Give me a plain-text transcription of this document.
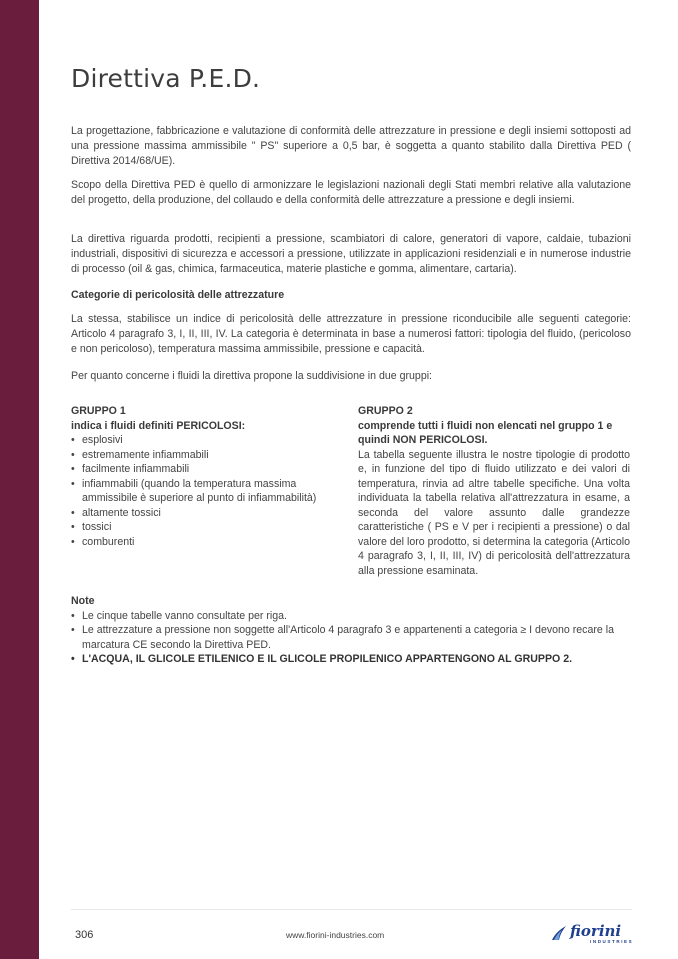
Direttiva P.E.D.

La progettazione, fabbricazione e valutazione di conformità delle attrezzature in pressione e degli insiemi sottoposti ad una pressione massima ammissibile " PS" superiore a 0,5 bar, è soggetta a quanto stabilito dalla Direttiva PED ( Direttiva 2014/68/UE).

Scopo della Direttiva PED è quello di armonizzare le legislazioni nazionali degli Stati membri relative alla valutazione del progetto, della produzione, del collaudo e della conformità delle attrezzature a pressione e degli insiemi.

La direttiva riguarda prodotti, recipienti a pressione, scambiatori di calore, generatori di vapore, caldaie, tubazioni industriali, dispositivi di sicurezza e accessori a pressione, utilizzate in applicazioni residenziali e in numerose industrie di processo (oil & gas, chimica, farmaceutica, materie plastiche e gomma, alimentare, cartaria).

Categorie di pericolosità delle attrezzature

La stessa, stabilisce un indice di pericolosità delle attrezzature in pressione riconducibile alle seguenti categorie: Articolo 4 paragrafo 3, I, II, III, IV. La categoria è determinata in base a numerosi fattori: tipologia del fluido, (pericoloso e non pericoloso), temperatura massima ammissibile, pressione e capacità.

Per quanto concerne i fluidi la direttiva propone la suddivisione in due gruppi:

GRUPPO 1
indica i fluidi definiti PERICOLOSI:
• esplosivi
• estremamente infiammabili
• facilmente infiammabili
• infiammabili (quando la temperatura massima ammissibile è superiore al punto di infiammabilità)
• altamente tossici
• tossici
• comburenti
GRUPPO 2
comprende tutti i fluidi non elencati nel gruppo 1 e quindi NON PERICOLOSI.
La tabella seguente illustra le nostre tipologie di prodotto e, in funzione del tipo di fluido utilizzato e dei valori di temperatura, rinvia ad altre tabelle specifiche. Una volta individuata la tabella relativa all'attrezzatura in esame, a seconda del valore assunto dalle grandezze caratteristiche ( PS e V per i recipienti a pressione) o dal valore del loro prodotto, si determina la categoria (Articolo 4 paragrafo 3, I, II, III, IV) di pericolosità dell'attrezzatura alla pressione esaminata.
Note
• Le cinque tabelle vanno consultate per riga.
• Le attrezzature a pressione non soggette all'Articolo 4 paragrafo 3 e appartenenti a categoria ≥ I devono recare la marcatura CE secondo la Direttiva PED.
• L'ACQUA, IL GLICOLE ETILENICO E IL GLICOLE PROPILENICO APPARTENGONO AL GRUPPO 2.
306	www.fiorini-industries.com	fiorini
INDUSTRIES
